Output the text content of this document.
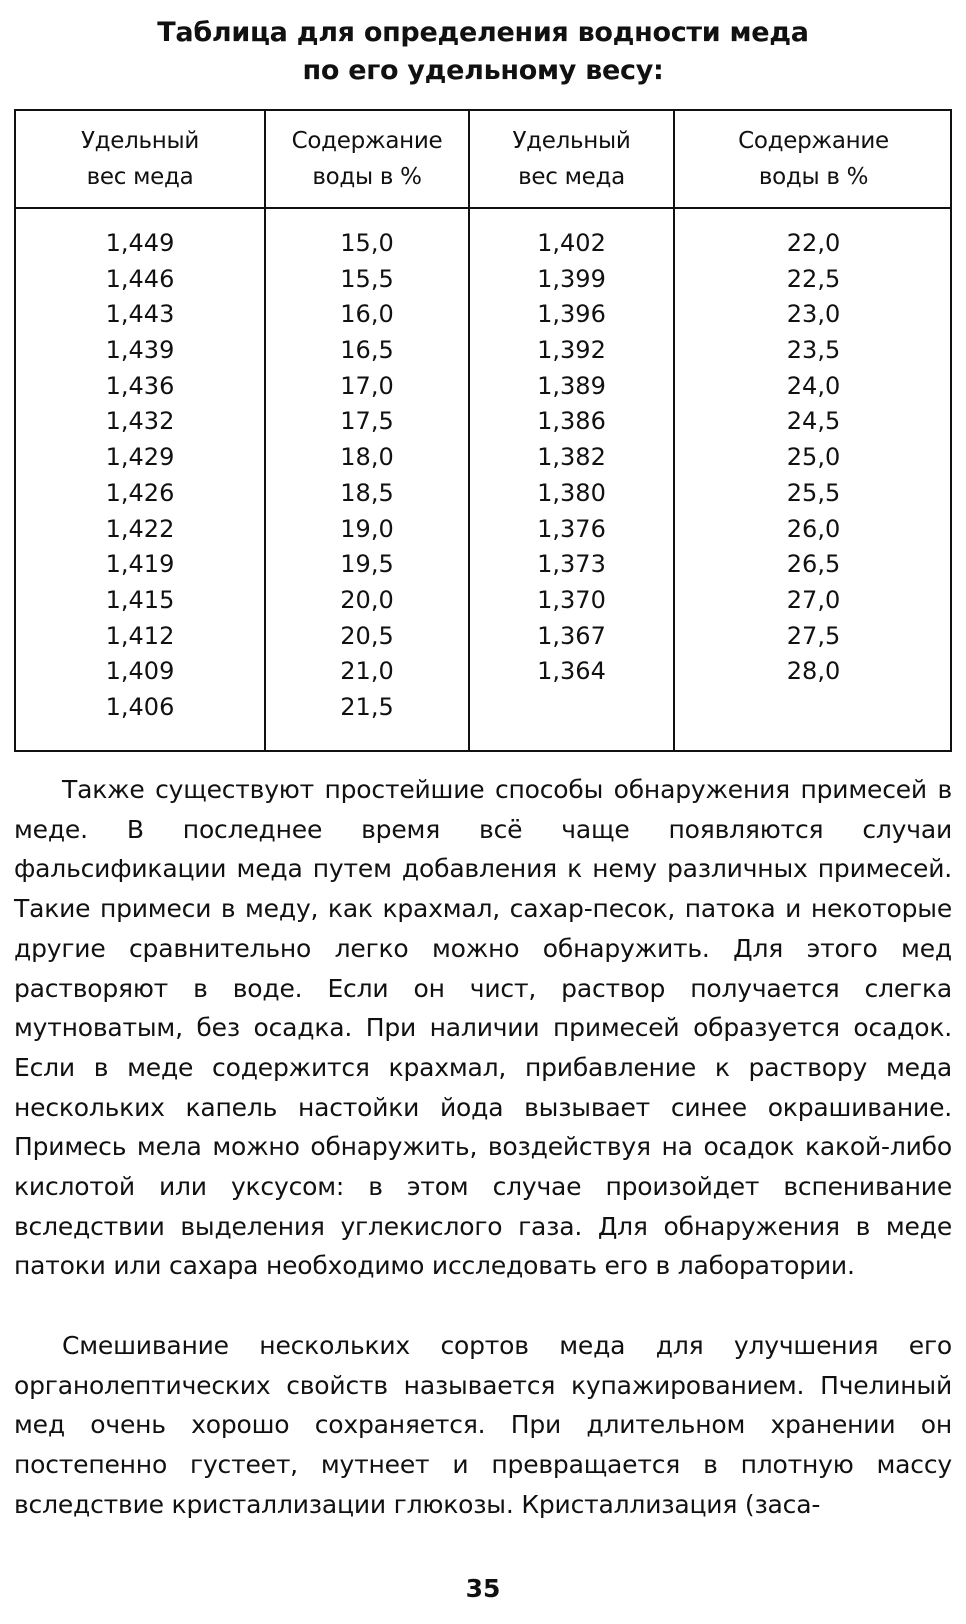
Таблица для определения водности меда
по его удельному весу:
Удельный
вес меда
Содержание
воды в %
Удельный
вес меда
Содержание
воды в %
1,449
1,446
1,443
1,439
1,436
1,432
1,429
1,426
1,422
1,419
1,415
1,412
1,409
1,406
15,0
15,5
16,0
16,5
17,0
17,5
18,0
18,5
19,0
19,5
20,0
20,5
21,0
21,5
1,402
1,399
1,396
1,392
1,389
1,386
1,382
1,380
1,376
1,373
1,370
1,367
1,364
22,0
22,5
23,0
23,5
24,0
24,5
25,0
25,5
26,0
26,5
27,0
27,5
28,0
Также существуют простейшие способы обнаружения примесей в меде. В последнее время всё чаще появляются случаи фальсификации меда путем добавления к нему различных примесей. Такие примеси в меду, как крахмал, сахар-песок, патока и некоторые другие сравнительно легко можно обнаружить. Для этого мед растворяют в воде. Если он чист, раствор получается слегка мутноватым, без осадка. При наличии примесей образуется осадок. Если в меде содержится крахмал, прибавление к раствору меда нескольких капель настойки йода вызывает синее окрашивание. Примесь мела можно обнаружить, воздействуя на осадок какой-либо кислотой или уксусом: в этом случае произойдет вспенивание вследствии выделения углекислого газа. Для обнаружения в меде патоки или сахара необходимо исследовать его в лаборатории.
Смешивание нескольких сортов меда для улучшения его органолептических свойств называется купажированием. Пчелиный мед очень хорошо сохраняется. При длительном хранении он постепенно густеет, мутнеет и превращается в плотную массу вследствие кристаллизации глюкозы. Кристаллизация (заса-
35
